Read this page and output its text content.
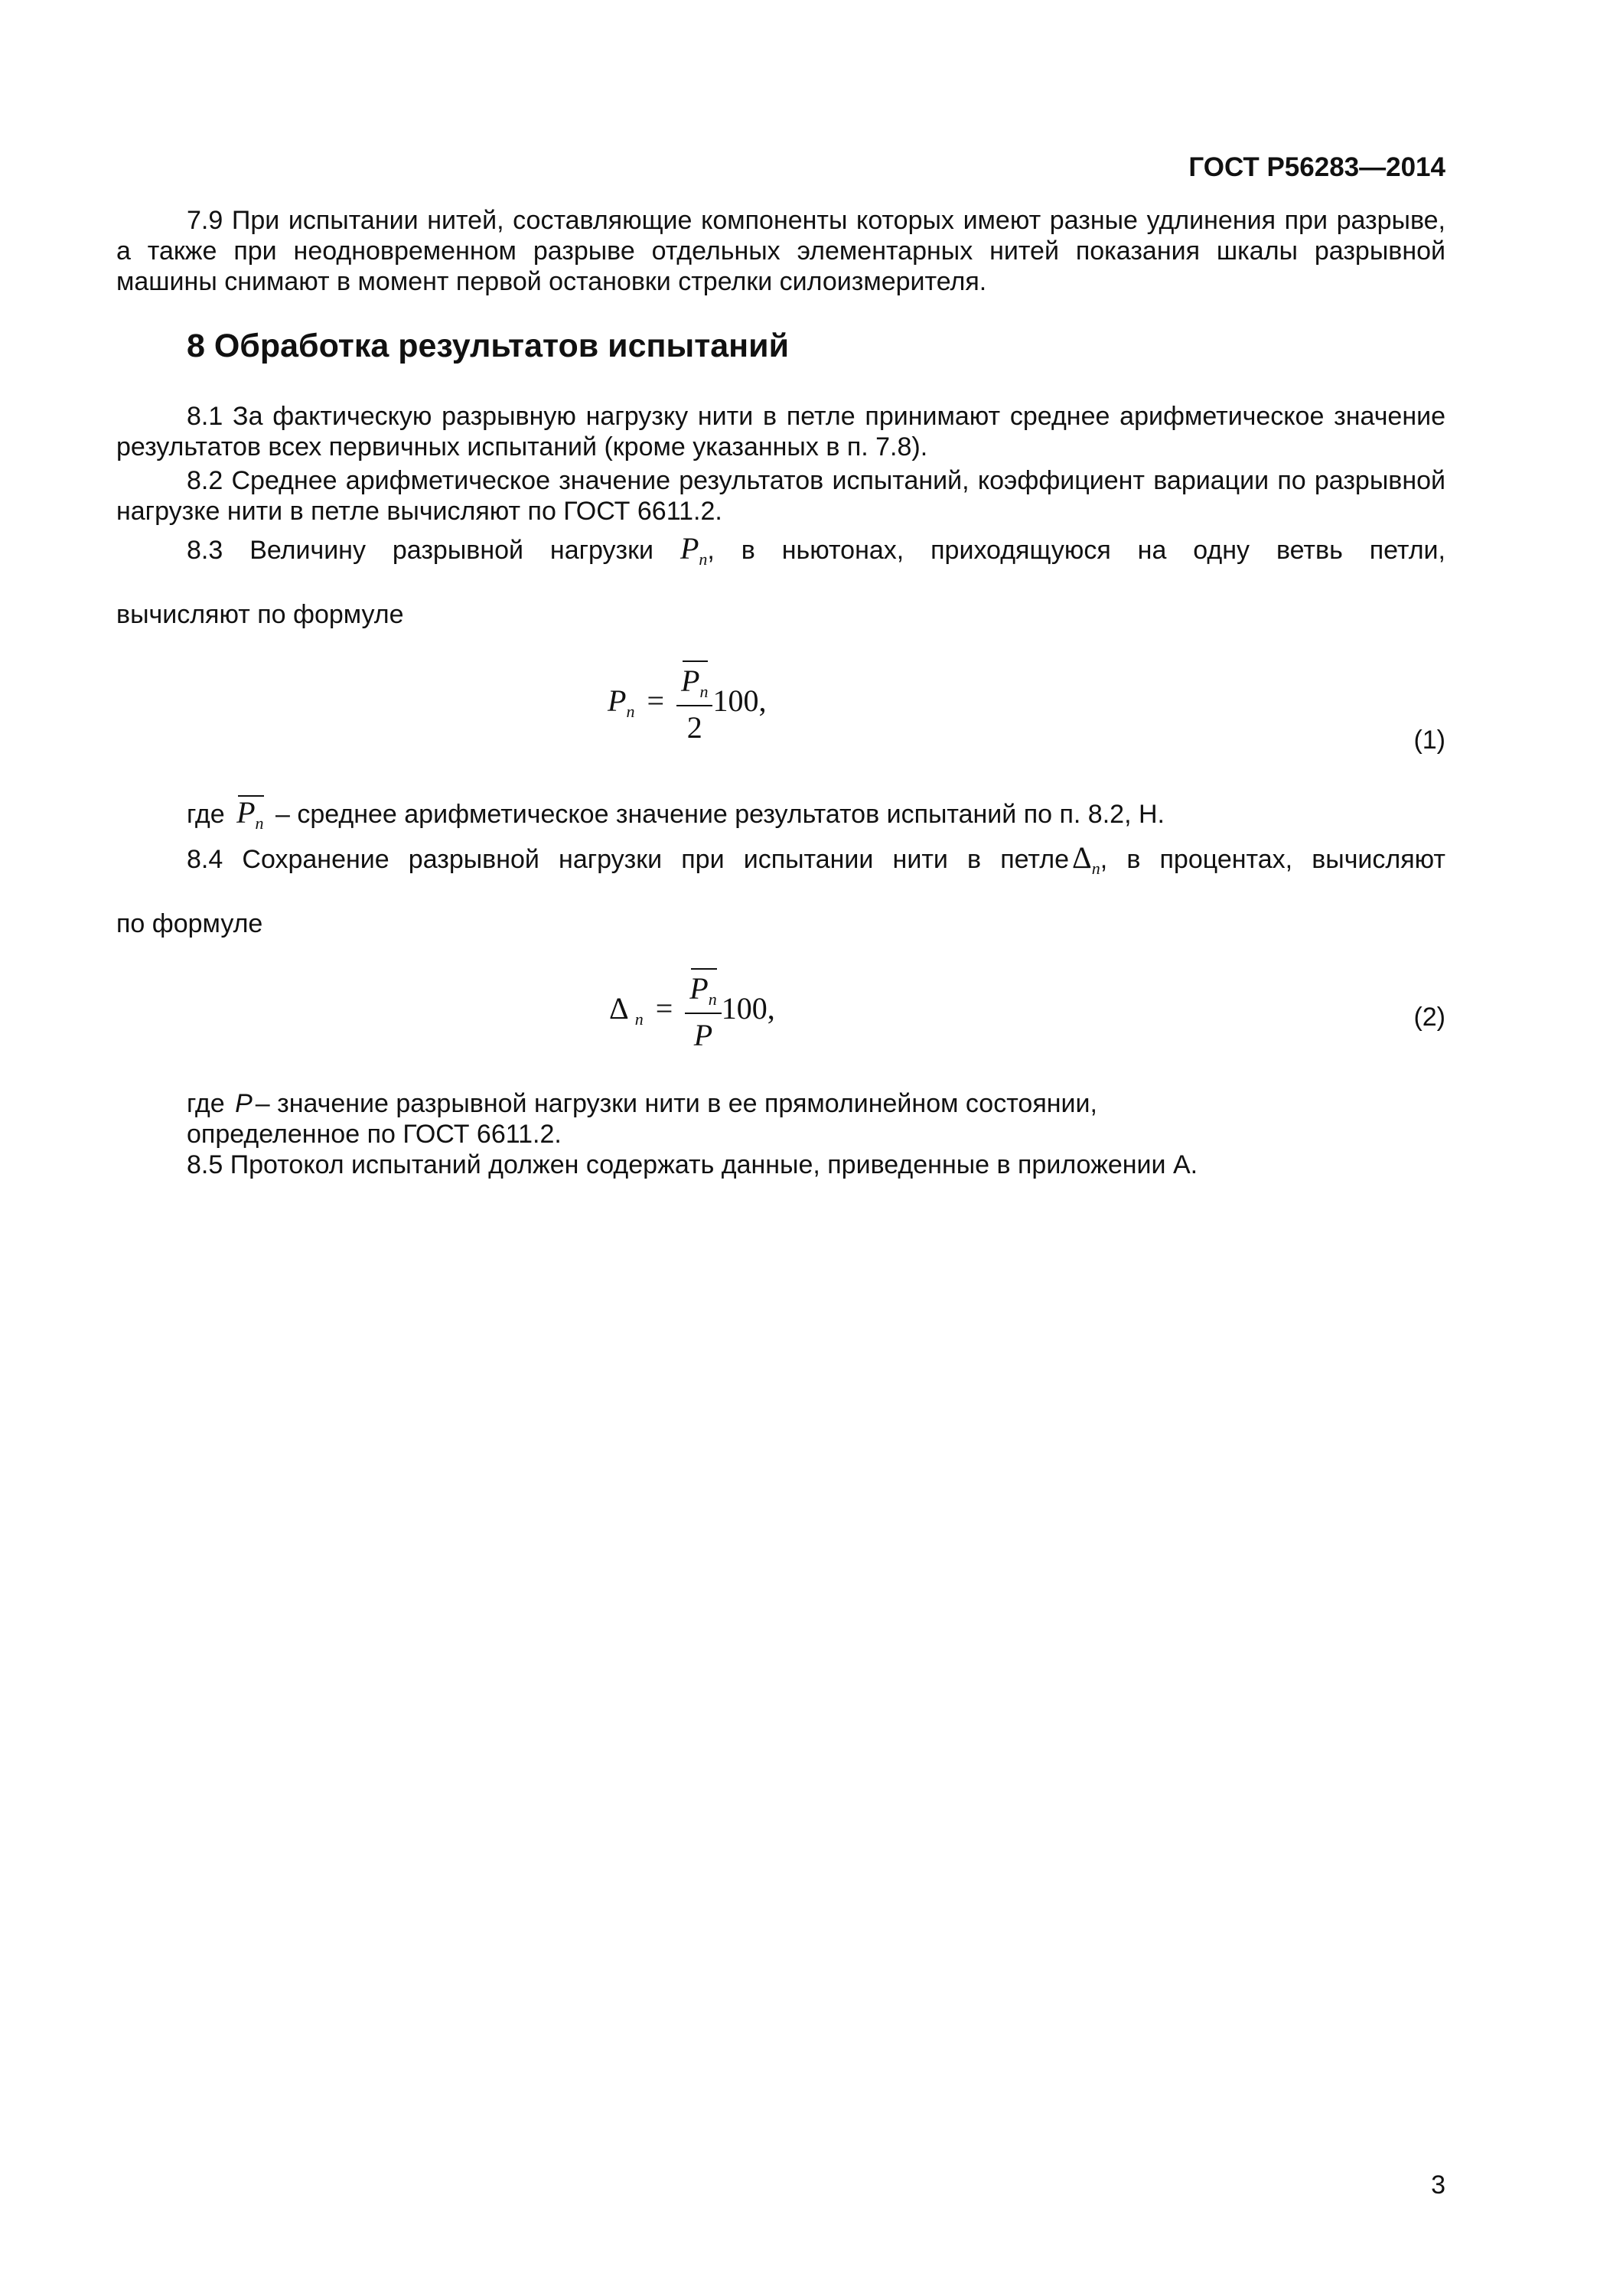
ГОСТ Р56283—2014

7.9 При испытании нитей, составляющие компоненты которых имеют разные удлинения при разрыве, а также при неодновременном разрыве отдельных элементарных нитей показания шкалы разрывной машины снимают в момент первой остановки стрелки силоизмерителя.

8 Обработка результатов испытаний

8.1 За фактическую разрывную нагрузку нити в петле принимают среднее арифметическое значение результатов всех первичных испытаний (кроме указанных в п. 7.8).

8.2 Среднее арифметическое значение результатов испытаний, коэффициент вариации по разрывной нагрузке нити в петле вычисляют по ГОСТ 6611.2.

8.3 Величину разрывной нагрузки $P_n$, в ньютонах, приходящуюся на одну ветвь петли,

вычисляют по формуле

$P_n = \frac{P_n}{2} 100$,
(1)

где $P_n$ – среднее арифметическое значение результатов испытаний по п. 8.2, Н.

8.4 Сохранение разрывной нагрузки при испытании нити в петле $\Delta_n$, в процентах, вычисляют

по формуле

Δ $_n = \frac{P_n}{P} 100$,	(2)

где P – значение разрывной нагрузки нити в ее прямолинейном состоянии,
определенное по ГОСТ 6611.2.

8.5 Протокол испытаний должен содержать данные, приведенные в приложении А.

3
